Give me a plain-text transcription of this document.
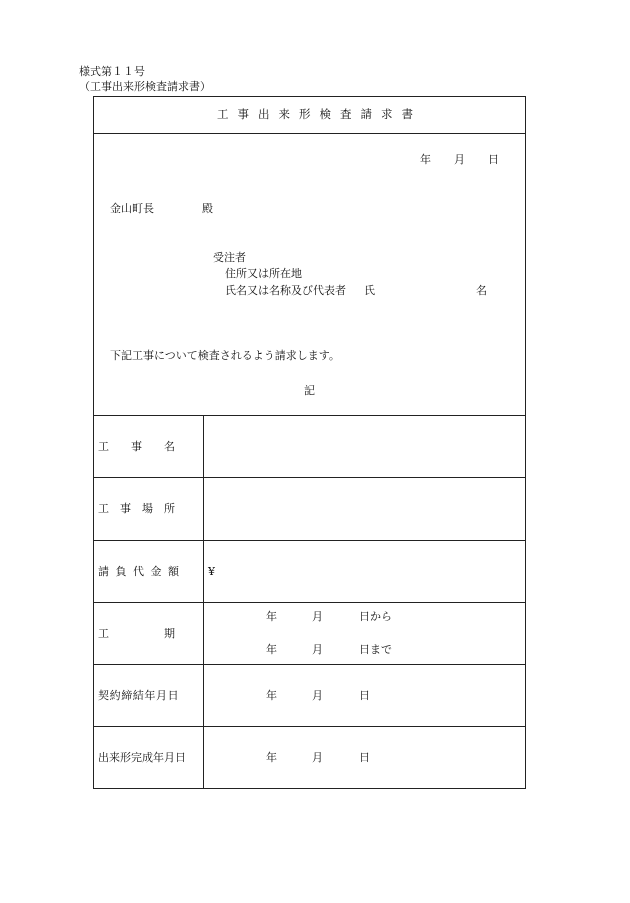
様式第１１号
（工事出来形検査請求書）
工事出来形検査請求書
年 月 日
金山町長	殿
受注者
住所又は所在地
氏名又は名称及び代表者 氏	名
下記工事について検査されるよう請求します。
記
工　　事　　名
工　事　場　所
請負代金額 ¥
工　　　　　期
年	月	日から
年	月	日まで
契約締結年月日	年	月	日
出来形完成年月日	年	月	日
